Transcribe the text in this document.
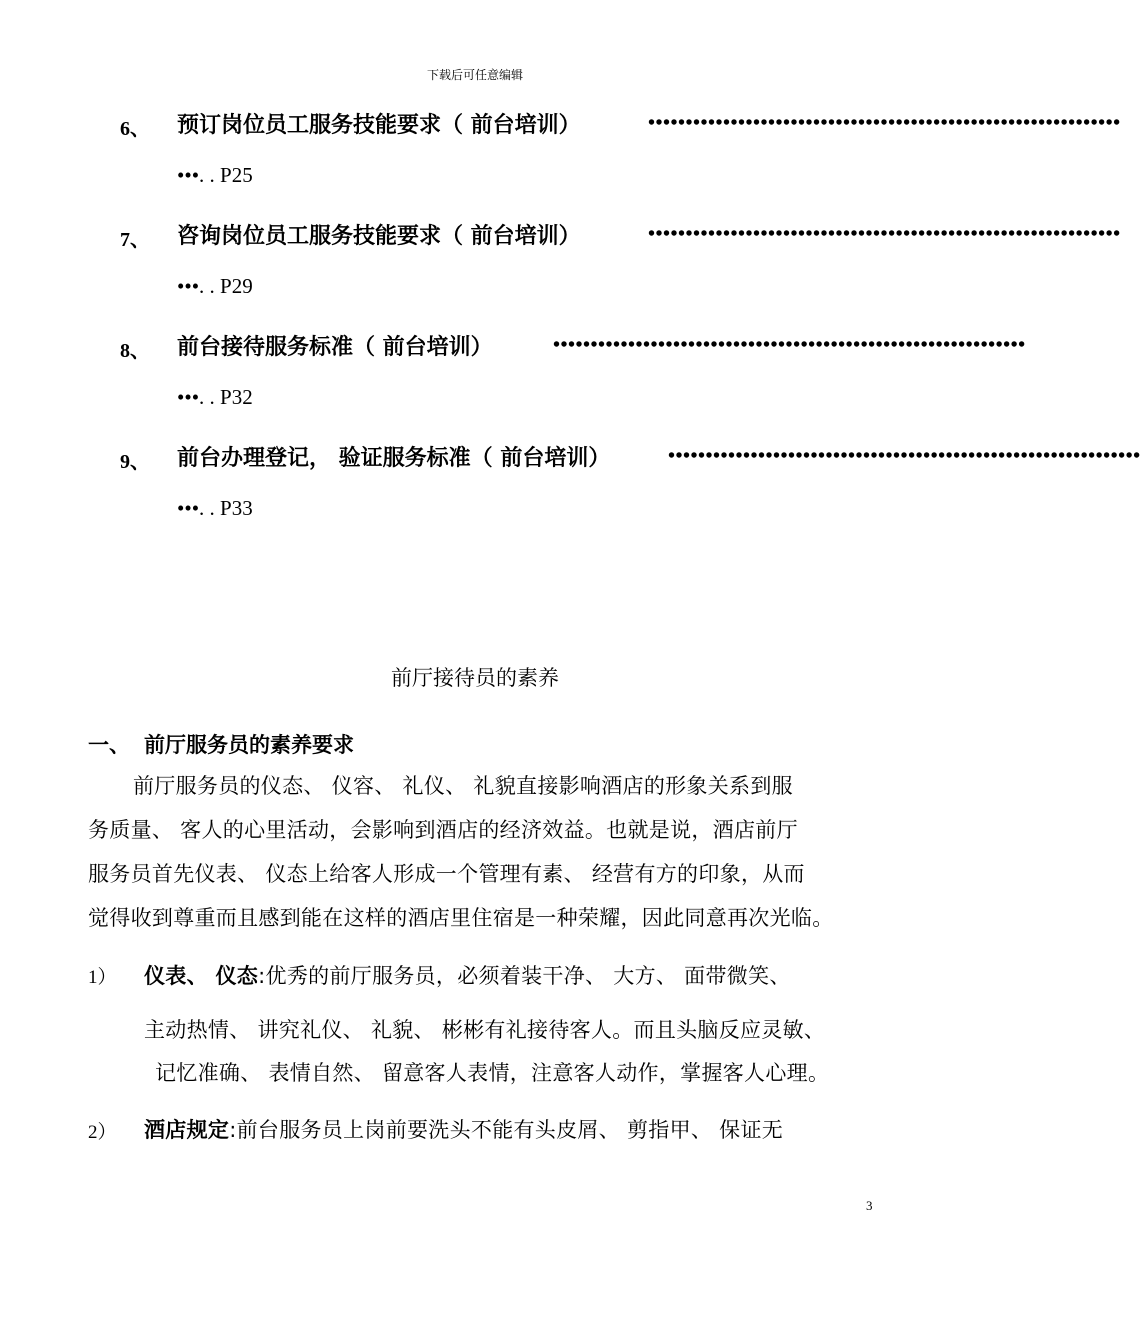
下载后可任意编辑
6、 预订岗位员工服务技能要求（ 前台培训）	•••••••••••••••••••••••••••••••••••••••••••••••••••••••••••••••
•••. . P25
7、 咨询岗位员工服务技能要求（ 前台培训）	•••••••••••••••••••••••••••••••••••••••••••••••••••••••••••••••
•••. . P29
8、 前台接待服务标准（ 前台培训）	•••••••••••••••••••••••••••••••••••••••••••••••••••••••••••••••
•••. . P32
9、 前台办理登记， 验证服务标准（ 前台培训）	•••••••••••••••••••••••••••••••••••••••••••••••••••••••••••••••
•••. . P33
前厅接待员的素养
一、 前厅服务员的素养要求
前厅服务员的仪态、 仪容、 礼仪、 礼貌直接影响酒店的形象关系到服
务质量、 客人的心里活动，会影响到酒店的经济效益。也就是说，酒店前厅
服务员首先仪表、 仪态上给客人形成一个管理有素、 经营有方的印象，从而
觉得收到尊重而且感到能在这样的酒店里住宿是一种荣耀，因此同意再次光临。
1） 仪表、 仪态:优秀的前厅服务员，必须着装干净、 大方、 面带微笑、
主动热情、 讲究礼仪、 礼貌、 彬彬有礼接待客人。而且头脑反应灵敏、
记忆准确、 表情自然、 留意客人表情，注意客人动作，掌握客人心理。
2） 酒店规定:前台服务员上岗前要洗头不能有头皮屑、 剪指甲、 保证无
3
